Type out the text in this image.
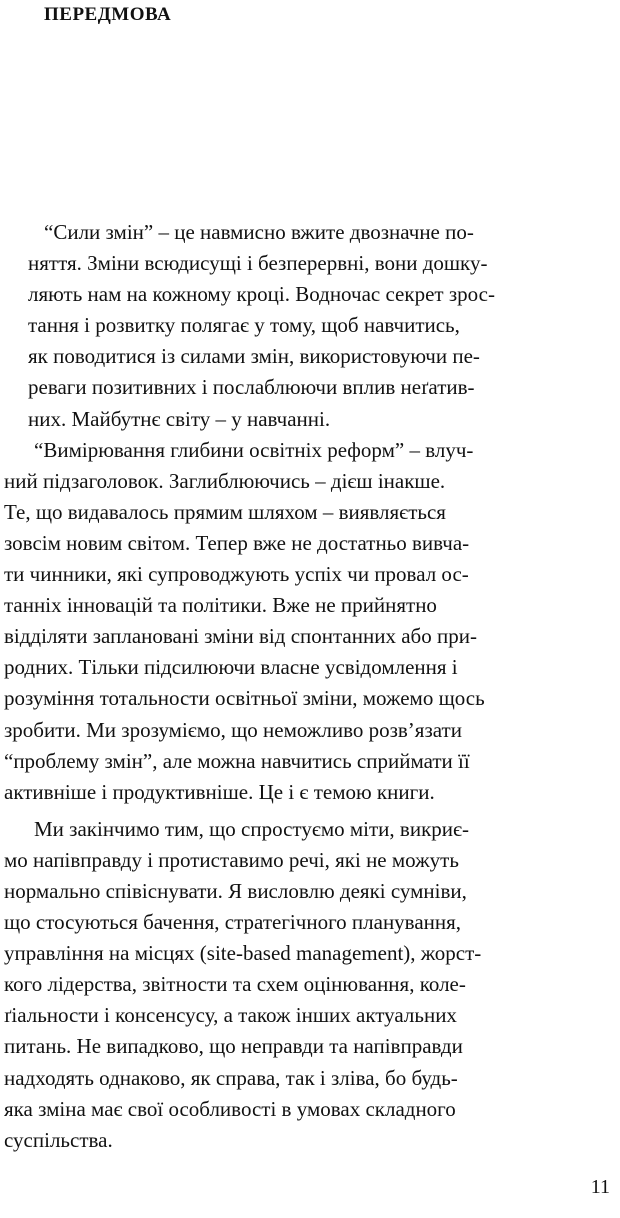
ПЕРЕДМОВА
“Сили змін” – це навмисно вжите двозначне по-
няття. Зміни всюдисущі і безперервні, вони дошку-
ляють нам на кожному кроці. Водночас секрет зрос-
тання і розвитку полягає у тому, щоб навчитись,
як поводитися із силами змін, використовуючи пе-
реваги позитивних і послаблюючи вплив неґатив-
них. Майбутнє світу – у навчанні.
“Вимірювання глибини освітніх реформ” – влуч-
ний підзаголовок. Заглиблюючись – дієш інакше.
Те, що видавалось прямим шляхом – виявляється
зовсім новим світом. Тепер вже не достатньо вивча-
ти чинники, які супроводжують успіх чи провал ос-
танніх інновацій та політики. Вже не прийнятно
відділяти заплановані зміни від спонтанних або при-
родних. Тільки підсилюючи власне усвідомлення і
розуміння тотальности освітньої зміни, можемо щось
зробити. Ми зрозуміємо, що неможливо розв’язати
“проблему змін”, але можна навчитись сприймати її
активніше і продуктивніше. Це і є темою книги.
Ми закінчимо тим, що спростуємо міти, викриє-
мо напівправду і протиставимо речі, які не можуть
нормально співіснувати. Я висловлю деякі сумніви,
що стосуються бачення, стратегічного планування,
управління на місцях (site-based management), жорст-
кого лідерства, звітности та схем оцінювання, коле-
ґіальности і консенсусу, а також інших актуальних
питань. Не випадково, що неправди та напівправди
надходять однаково, як справа, так і зліва, бо будь-
яка зміна має свої особливості в умовах складного
суспільства.

11
